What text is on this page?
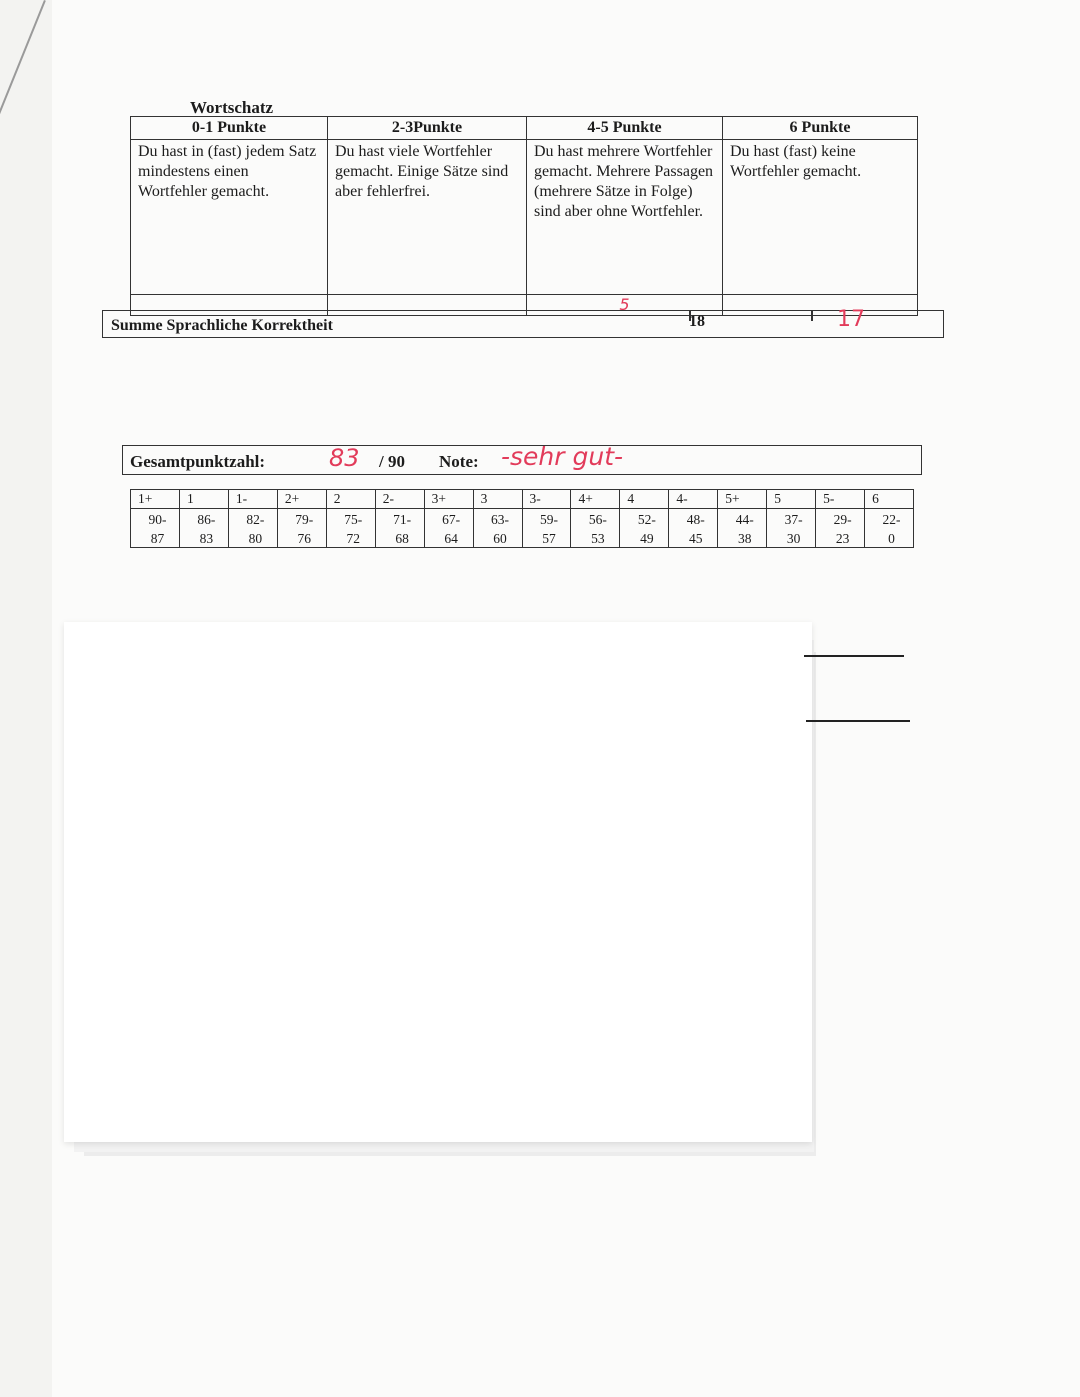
Wortschatz
0-1 Punkte	2-3Punkte	4-5 Punkte	6 Punkte
Du hast in (fast) jedem Satz mindestens einen Wortfehler gemacht.	Du hast viele Wortfehler gemacht. Einige Sätze sind aber fehlerfrei.	Du hast mehrere Wortfehler gemacht. Mehrere Passagen (mehrere Sätze in Folge) sind aber ohne Wortfehler.	Du hast (fast) keine Wortfehler gemacht.
		5	
Summe Sprachliche Korrektheit	18	17
Gesamtpunktzahl:	83 / 90 Note: -sehr gut-
1+	1	1-	2+	2	2-	3+	3	3-	4+	4	4-	5+	5	5-	6
90-	86-	82-	79-	75-	71-	67-	63-	59-	56-	52-	48-	44-	37-	29-	22-
87	83	80	76	72	68	64	60	57	53	49	45	38	30	23	0
